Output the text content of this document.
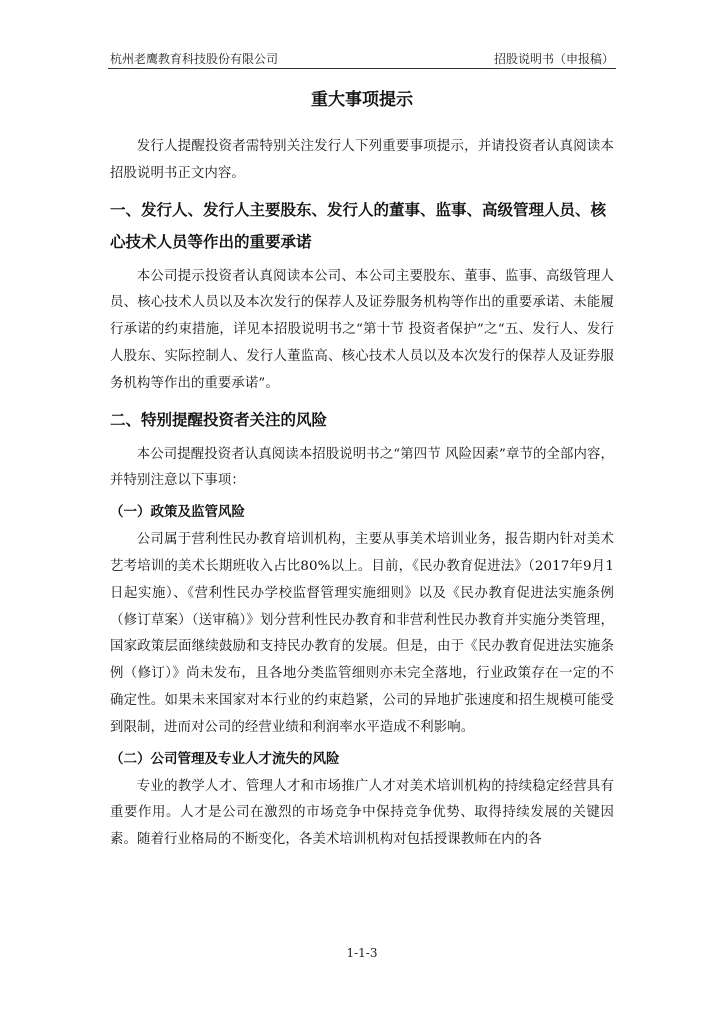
杭州老鹰教育科技股份有限公司	招股说明书（申报稿）
重大事项提示

发行人提醒投资者需特别关注发行人下列重要事项提示，并请投资者认真阅读本招股说明书正文内容。

一、发行人、发行人主要股东、发行人的董事、监事、高级管理人员、核心技术人员等作出的重要承诺

本公司提示投资者认真阅读本公司、本公司主要股东、董事、监事、高级管理人员、核心技术人员以及本次发行的保荐人及证券服务机构等作出的重要承诺、未能履行承诺的约束措施，详见本招股说明书之“第十节 投资者保护”之“五、发行人、发行人股东、实际控制人、发行人董监高、核心技术人员以及本次发行的保荐人及证券服务机构等作出的重要承诺”。

二、特别提醒投资者关注的风险

本公司提醒投资者认真阅读本招股说明书之“第四节 风险因素”章节的全部内容，并特别注意以下事项：

（一）政策及监管风险

公司属于营利性民办教育培训机构，主要从事美术培训业务，报告期内针对美术艺考培训的美术长期班收入占比80%以上。目前，《民办教育促进法》（2017年9月1日起实施）、《营利性民办学校监督管理实施细则》以及《民办教育促进法实施条例（修订草案）（送审稿）》划分营利性民办教育和非营利性民办教育并实施分类管理，国家政策层面继续鼓励和支持民办教育的发展。但是，由于《民办教育促进法实施条例（修订）》尚未发布，且各地分类监管细则亦未完全落地，行业政策存在一定的不确定性。如果未来国家对本行业的约束趋紧，公司的异地扩张速度和招生规模可能受到限制，进而对公司的经营业绩和利润率水平造成不利影响。

（二）公司管理及专业人才流失的风险

专业的教学人才、管理人才和市场推广人才对美术培训机构的持续稳定经营具有重要作用。人才是公司在激烈的市场竞争中保持竞争优势、取得持续发展的关键因素。随着行业格局的不断变化，各美术培训机构对包括授课教师在内的各

1-1-3
